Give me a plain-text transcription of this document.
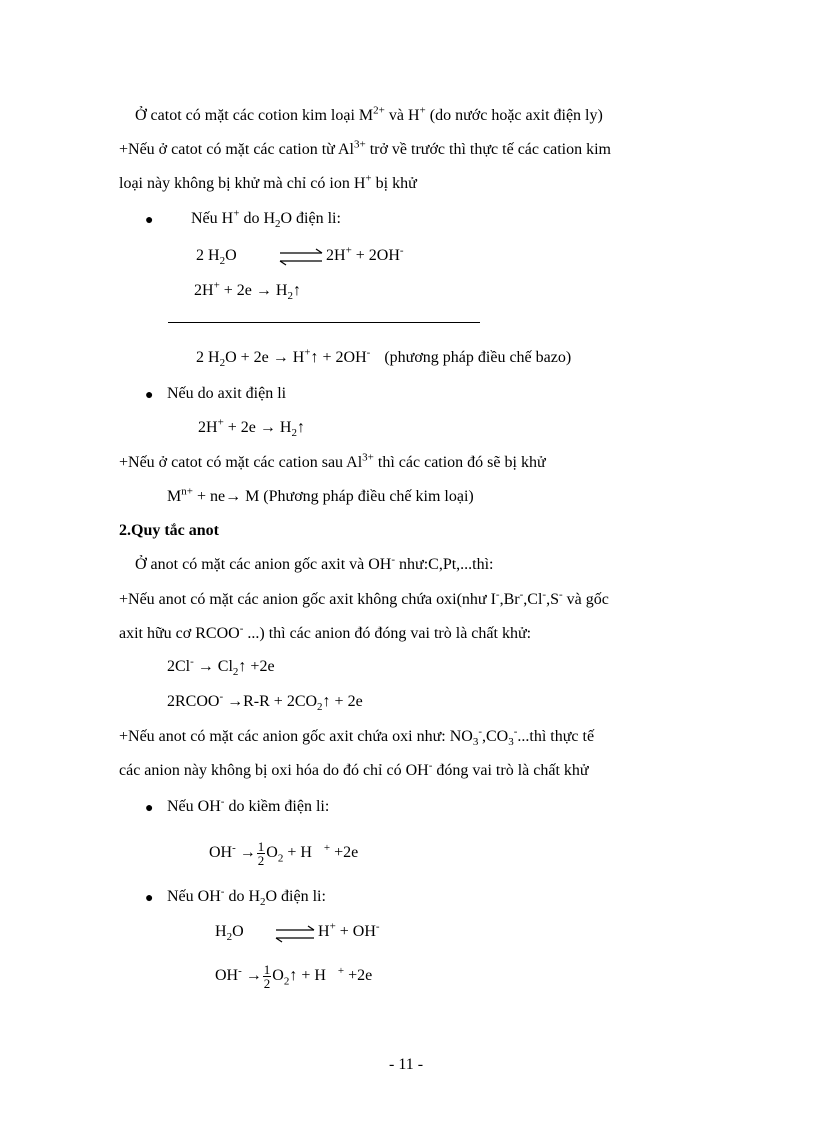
Ở catot có mặt các cotion kim loại $M^{2+}$ và H+ (do nước hoặc axit điện ly)
+Nếu ở catot có mặt các cation từ $Al^{3+}$ trở về trước thì thực tế các cation kim
loại này không bị khử mà chỉ có ion H+ bị khử
● Nếu H+ do $H_2O$ điện li:
2 $H_2O$ ⇌ 2H+ + 2OH-
$2H^+ + 2e \to H_2↑$
2 $H_2O + 2e$ → H+↑ + 2OH- (phương pháp điều chế bazo)
● Nếu do axit điện li
$2H^+ + 2e \to H_2↑$
+Nếu ở catot có mặt các cation sau $Al^{3+}$ thì các cation đó sẽ bị khử
$M^{n+} + ne\to M$ (Phương pháp điều chế kim loại)
2.Quy tắc anot
Ở anot có mặt các anion gốc axit và OH- như:C,Pt,...thì:
+Nếu anot có mặt các anion gốc axit không chứa oxi(như I-,Br-,Cl-,S- và gốc
axit hữu cơ RCOO- ...) thì các anion đó đóng vai trò là chất khử:
$2Cl^- \to Cl_2↑ +2e$
2RCOO- $\to R-R + 2CO_2↑ + 2e$
+Nếu anot có mặt các anion gốc axit chứa oxi như: $NO_3^-,CO_3^-...thì$ thực tế
các anion này không bị oxi hóa do đó chỉ có OH- đóng vai trò là chất khử
● Nếu OH- do kiềm điện li:
$OH^- \to \frac{1}{2} O_2 + H$ + +2e
● Nếu OH- do $H_2O$ điện li:
$H_2O$ ⇌ H+ + OH-
$OH^- \to \frac{1}{2}$ $O_2↑ + H$ + +2e
- 11 -
